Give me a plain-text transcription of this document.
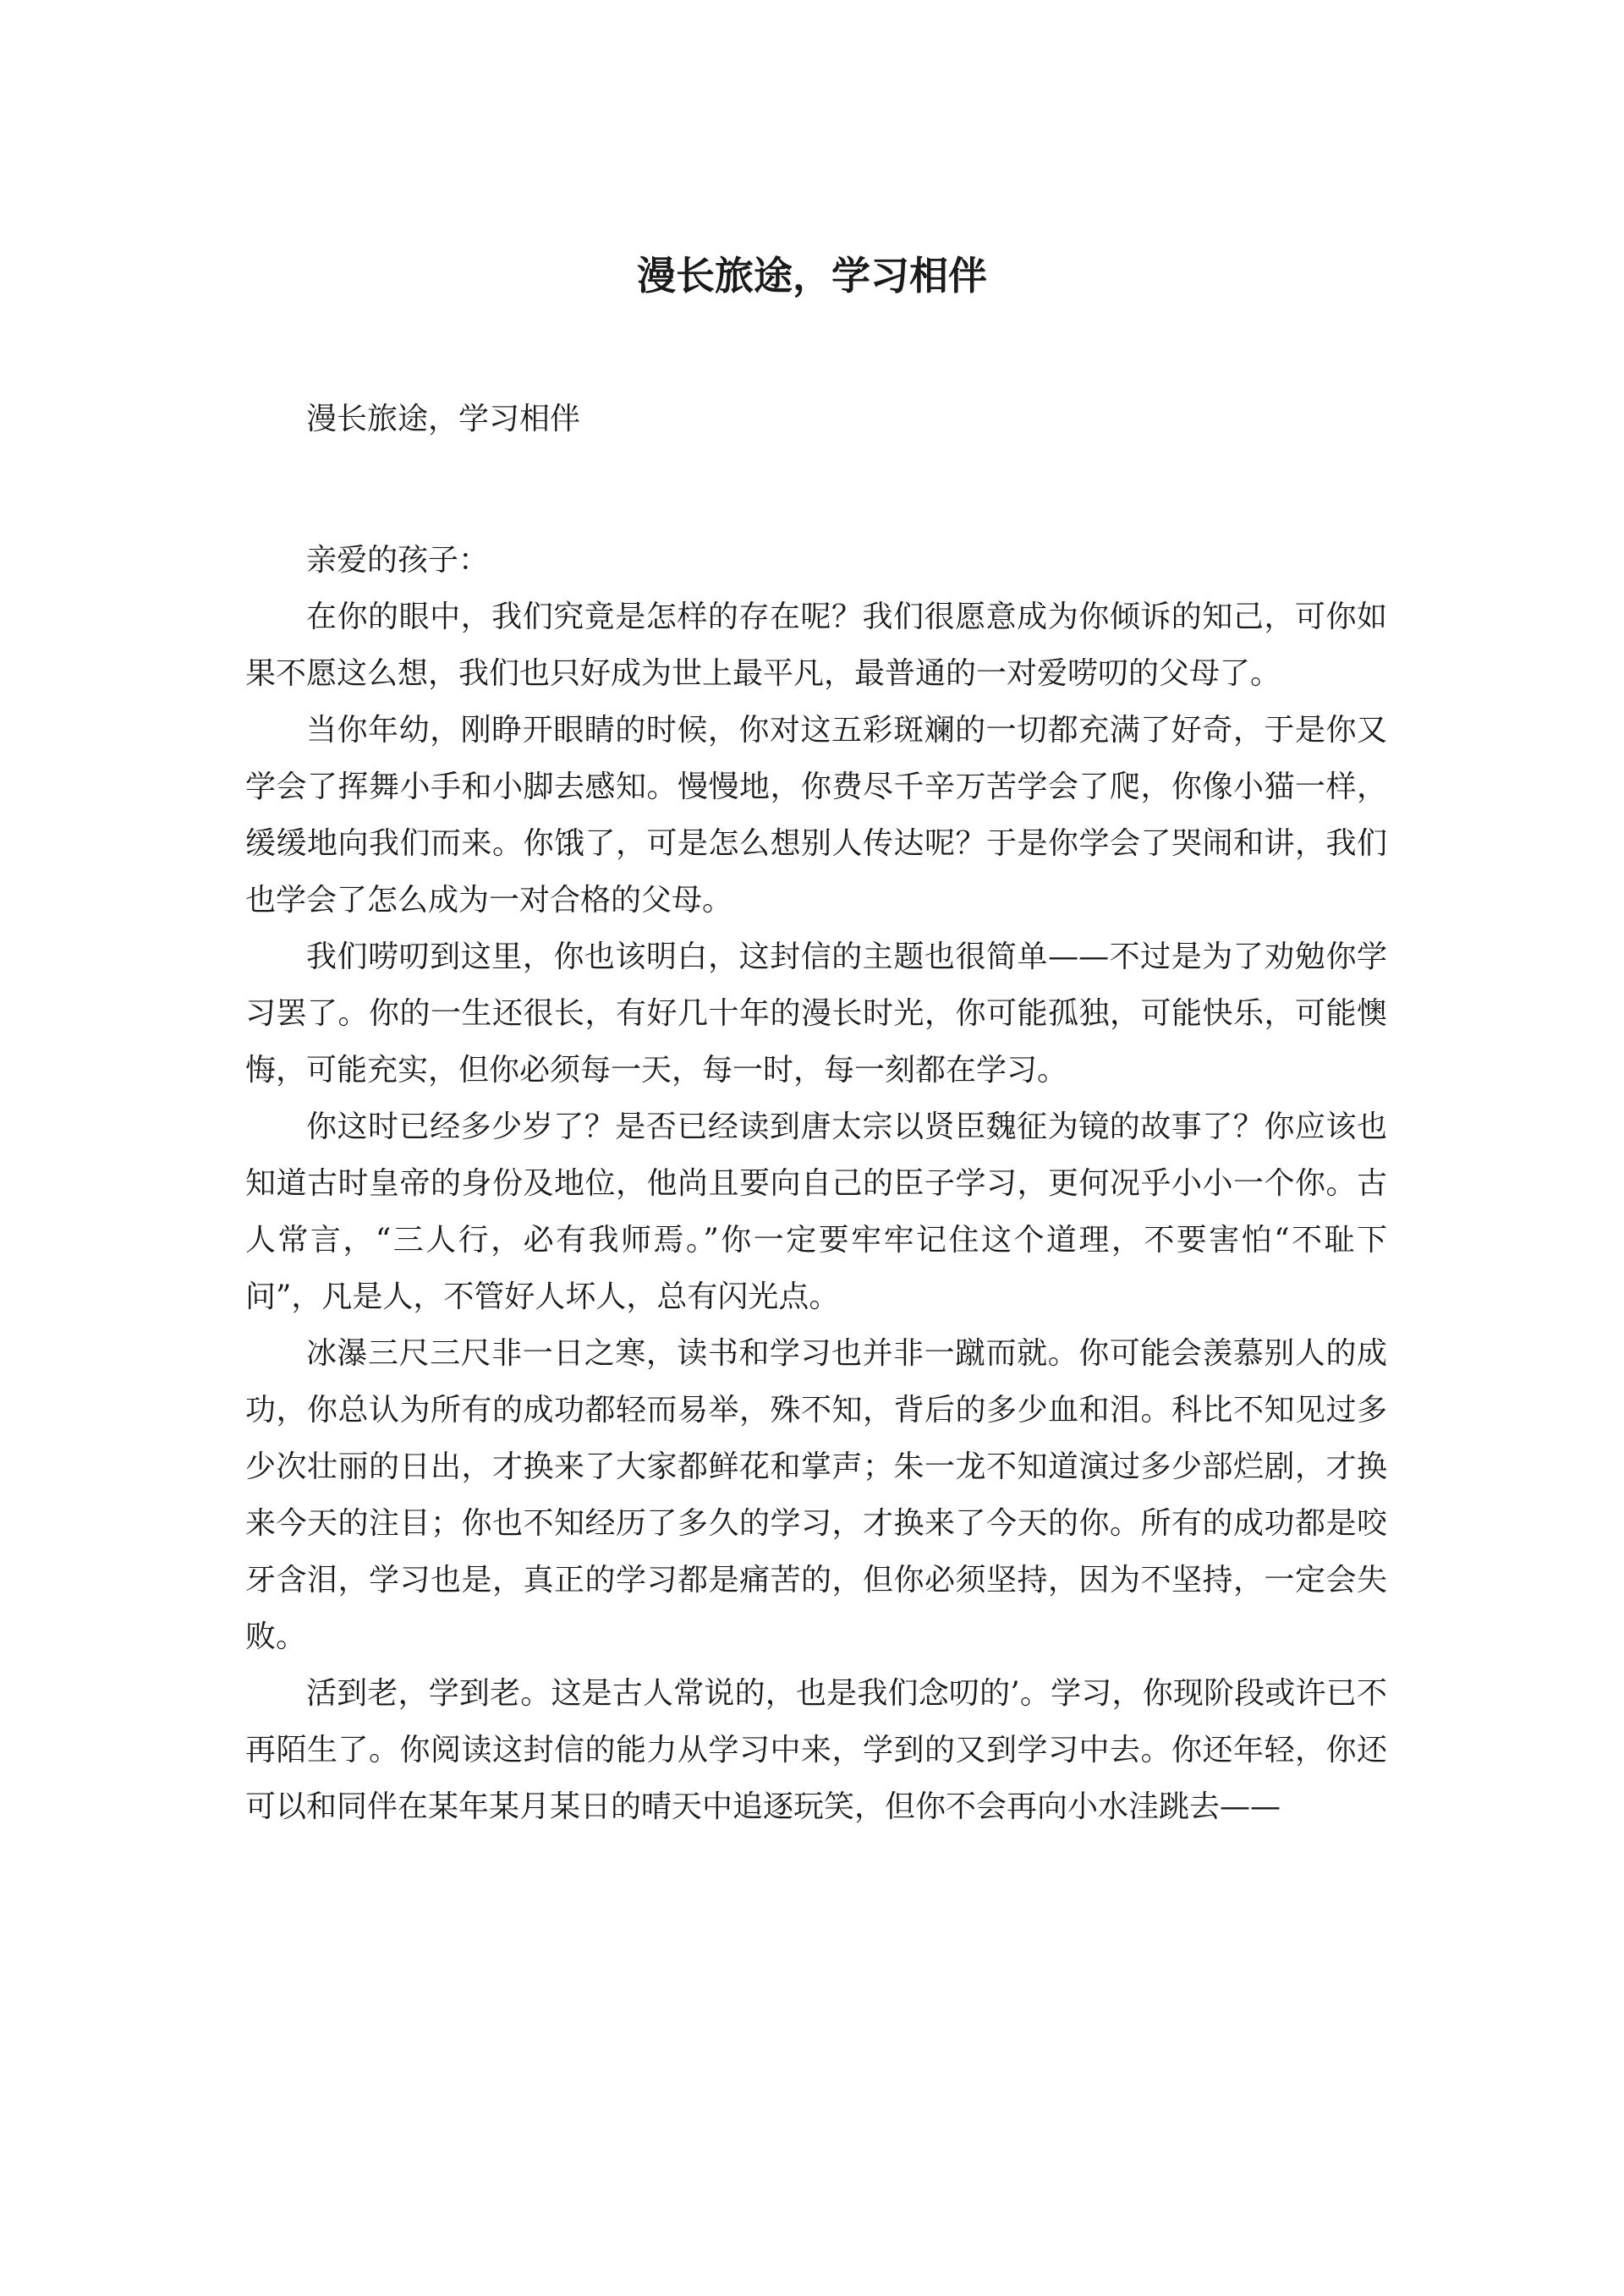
漫长旅途，学习相伴

漫长旅途，学习相伴

亲爱的孩子：

在你的眼中，我们究竟是怎样的存在呢？我们很愿意成为你倾诉的知己，可你如果不愿这么想，我们也只好成为世上最平凡，最普通的一对爱唠叨的父母了。

当你年幼，刚睁开眼睛的时候，你对这五彩斑斓的一切都充满了好奇，于是你又学会了挥舞小手和小脚去感知。慢慢地，你费尽千辛万苦学会了爬，你像小猫一样，缓缓地向我们而来。你饿了，可是怎么想别人传达呢？于是你学会了哭闹和讲，我们也学会了怎么成为一对合格的父母。

我们唠叨到这里，你也该明白，这封信的主题也很简单——不过是为了劝勉你学习罢了。你的一生还很长，有好几十年的漫长时光，你可能孤独，可能快乐，可能懊悔，可能充实，但你必须每一天，每一时，每一刻都在学习。

你这时已经多少岁了？是否已经读到唐太宗以贤臣魏征为镜的故事了？你应该也知道古时皇帝的身份及地位，他尚且要向自己的臣子学习，更何况乎小小一个你。古人常言，“三人行，必有我师焉。”你一定要牢牢记住这个道理，不要害怕“不耻下问”，凡是人，不管好人坏人，总有闪光点。

冰瀑三尺三尺非一日之寒，读书和学习也并非一蹴而就。你可能会羡慕别人的成功，你总认为所有的成功都轻而易举，殊不知，背后的多少血和泪。科比不知见过多少次壮丽的日出，才换来了大家都鲜花和掌声；朱一龙不知道演过多少部烂剧，才换来今天的注目；你也不知经历了多久的学习，才换来了今天的你。所有的成功都是咬牙含泪，学习也是，真正的学习都是痛苦的，但你必须坚持，因为不坚持，一定会失败。

活到老，学到老。这是古人常说的，也是我们念叨的’。学习，你现阶段或许已不再陌生了。你阅读这封信的能力从学习中来，学到的又到学习中去。你还年轻，你还可以和同伴在某年某月某日的晴天中追逐玩笑，但你不会再向小水洼跳去——
